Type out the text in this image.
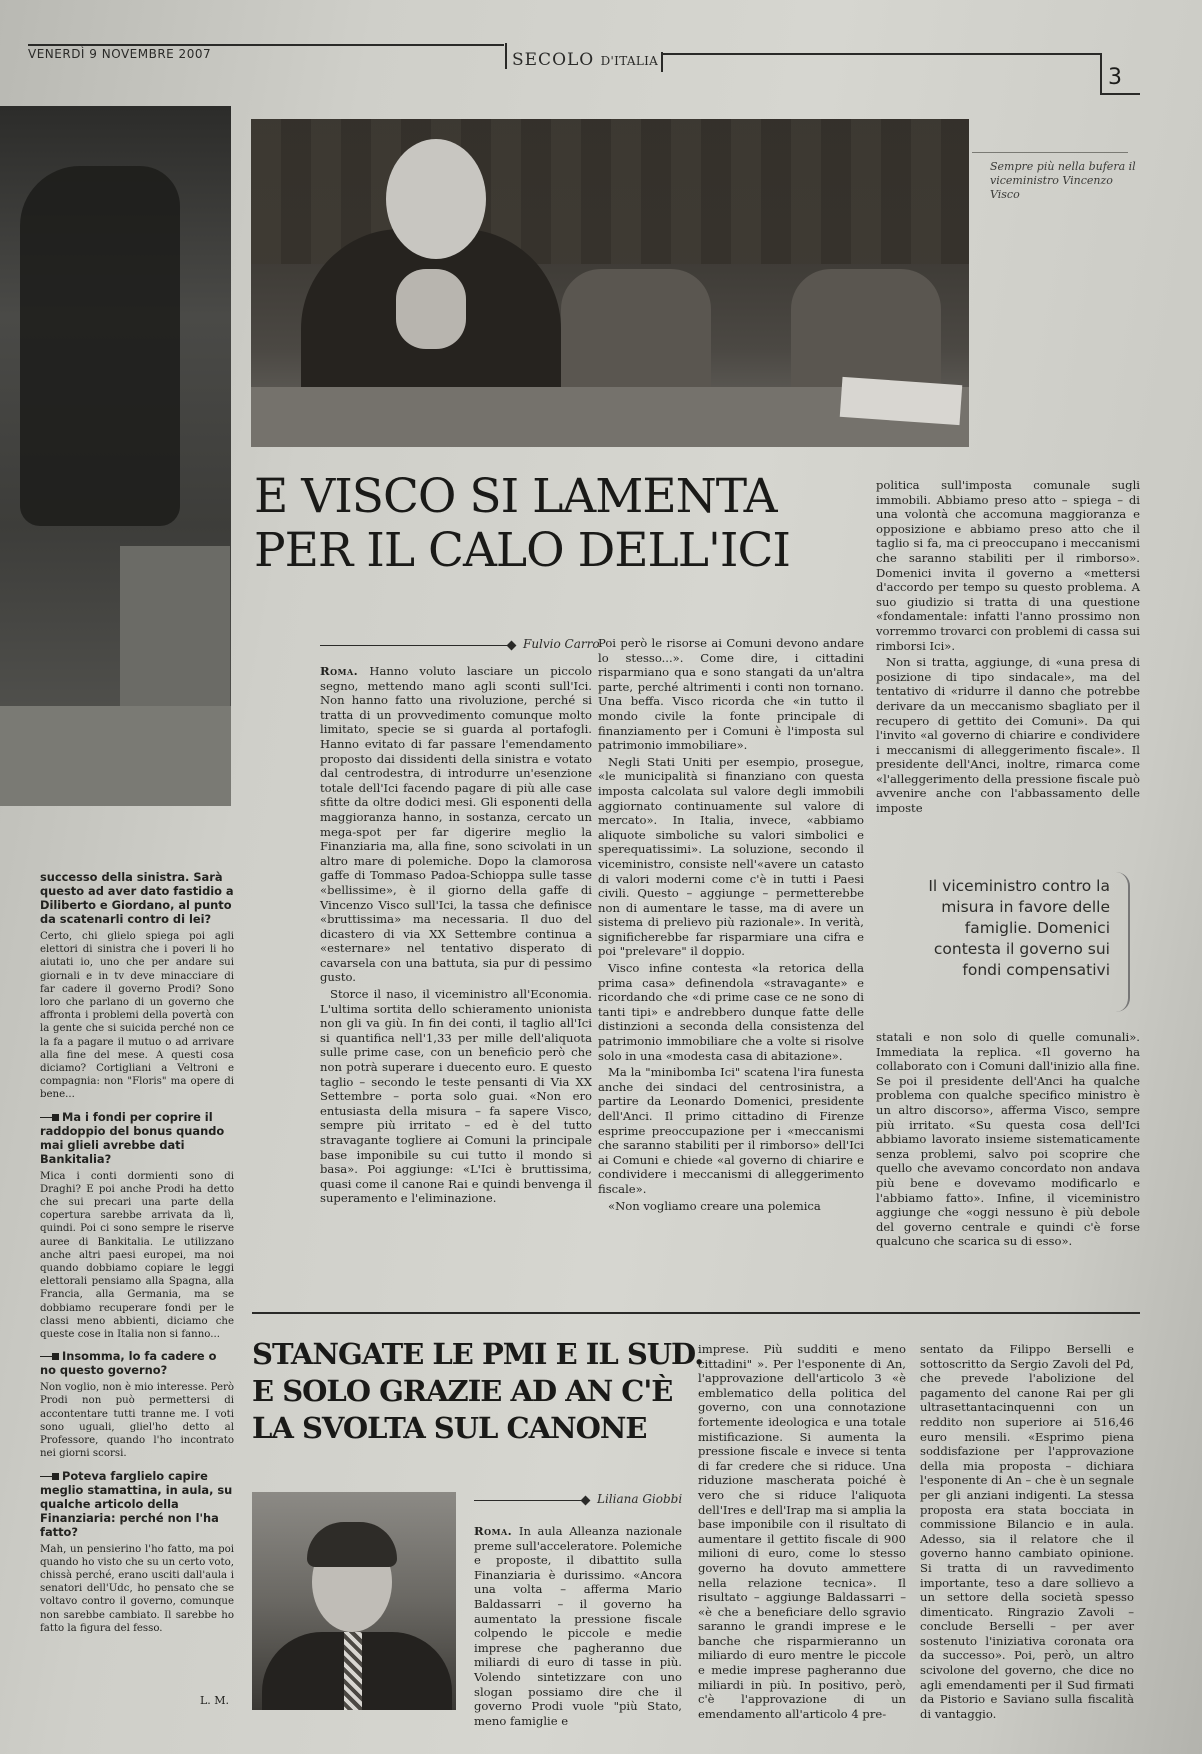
VENERDÌ 9 NOVEMBRE 2007	SECOLO D'ITALIA
3
Sempre più nella bufera il viceministro Vincenzo Visco
E VISCO SI LAMENTA PER IL CALO DELL'ICI
Fulvio Carro

Roma. Hanno voluto lasciare un piccolo segno, mettendo mano agli sconti sull'Ici. Non hanno fatto una rivoluzione, perché si tratta di un provvedimento comunque molto limitato, specie se si guarda al portafogli. Hanno evitato di far passare l'emendamento proposto dai dissidenti della sinistra e votato dal centrodestra, di introdurre un'esenzione totale dell'Ici facendo pagare di più alle case sfitte da oltre dodici mesi. Gli esponenti della maggioranza hanno, in sostanza, cercato un mega-spot per far digerire meglio la Finanziaria ma, alla fine, sono scivolati in un altro mare di polemiche. Dopo la clamorosa gaffe di Tommaso Padoa-Schioppa sulle tasse «bellissime», è il giorno della gaffe di Vincenzo Visco sull'Ici, la tassa che definisce «bruttissima» ma necessaria. Il duo del dicastero di via XX Settembre continua a «esternare» nel tentativo disperato di cavarsela con una battuta, sia pur di pessimo gusto.

Storce il naso, il viceministro all'Economia. L'ultima sortita dello schieramento unionista non gli va giù. In fin dei conti, il taglio all'Ici si quantifica nell'1,33 per mille dell'aliquota sulle prime case, con un beneficio però che non potrà superare i duecento euro. E questo taglio – secondo le teste pensanti di Via XX Settembre – porta solo guai. «Non ero entusiasta della misura – fa sapere Visco, sempre più irritato – ed è del tutto stravagante togliere ai Comuni la principale base imponibile su cui tutto il mondo si basa». Poi aggiunge: «L'Ici è bruttissima, quasi come il canone Rai e quindi benvenga il superamento e l'eliminazione.

Poi però le risorse ai Comuni devono andare lo stesso...». Come dire, i cittadini risparmiano qua e sono stangati da un'altra parte, perché altrimenti i conti non tornano. Una beffa. Visco ricorda che «in tutto il mondo civile la fonte principale di finanziamento per i Comuni è l'imposta sul patrimonio immobiliare».

Negli Stati Uniti per esempio, prosegue, «le municipalità si finanziano con questa imposta calcolata sul valore degli immobili aggiornato continuamente sul valore di mercato». In Italia, invece, «abbiamo aliquote simboliche su valori simbolici e sperequatissimi». La soluzione, secondo il viceministro, consiste nell'«avere un catasto di valori moderni come c'è in tutti i Paesi civili. Questo – aggiunge – permetterebbe non di aumentare le tasse, ma di avere un sistema di prelievo più razionale». In verità, significherebbe far risparmiare una cifra e poi "prelevare" il doppio.

Visco infine contesta «la retorica della prima casa» definendola «stravagante» e ricordando che «di prime case ce ne sono di tanti tipi» e andrebbero dunque fatte delle distinzioni a seconda della consistenza del patrimonio immobiliare che a volte si risolve solo in una «modesta casa di abitazione».

Ma la "minibomba Ici" scatena l'ira funesta anche dei sindaci del centrosinistra, a partire da Leonardo Domenici, presidente dell'Anci. Il primo cittadino di Firenze esprime preoccupazione per i «meccanismi che saranno stabiliti per il rimborso» dell'Ici ai Comuni e chiede «al governo di chiarire e condividere i meccanismi di alleggerimento fiscale».

«Non vogliamo creare una polemica

politica sull'imposta comunale sugli immobili. Abbiamo preso atto – spiega – di una volontà che accomuna maggioranza e opposizione e abbiamo preso atto che il taglio si fa, ma ci preoccupano i meccanismi che saranno stabiliti per il rimborso». Domenici invita il governo a «mettersi d'accordo per tempo su questo problema. A suo giudizio si tratta di una questione «fondamentale: infatti l'anno prossimo non vorremmo trovarci con problemi di cassa sui rimborsi Ici».

Non si tratta, aggiunge, di «una presa di posizione di tipo sindacale», ma del tentativo di «ridurre il danno che potrebbe derivare da un meccanismo sbagliato per il recupero di gettito dei Comuni». Da qui l'invito «al governo di chiarire e condividere i meccanismi di alleggerimento fiscale». Il presidente dell'Anci, inoltre, rimarca come «l'alleggerimento della pressione fiscale può avvenire anche con l'abbassamento delle imposte

Il viceministro contro la misura in favore delle famiglie. Domenici contesta il governo sui fondi compensativi

statali e non solo di quelle comunali». Immediata la replica. «Il governo ha collaborato con i Comuni dall'inizio alla fine. Se poi il presidente dell'Anci ha qualche problema con qualche specifico ministro è un altro discorso», afferma Visco, sempre più irritato. «Su questa cosa dell'Ici abbiamo lavorato insieme sistematicamente senza problemi, salvo poi scoprire che quello che avevamo concordato non andava più bene e dovevamo modificarlo e l'abbiamo fatto». Infine, il viceministro aggiunge che «oggi nessuno è più debole del governo centrale e quindi c'è forse qualcuno che scarica su di esso».

successo della sinistra. Sarà questo ad aver dato fastidio a Diliberto e Giordano, al punto da scatenarli contro di lei?
Certo, chi glielo spiega poi agli elettori di sinistra che i poveri li ho aiutati io, uno che per andare sui giornali e in tv deve minacciare di far cadere il governo Prodi? Sono loro che parlano di un governo che affronta i problemi della povertà con la gente che si suicida perché non ce la fa a pagare il mutuo o ad arrivare alla fine del mese. A questi cosa diciamo? Cortigliani a Veltroni e compagnia: non "Floris" ma opere di bene...
Ma i fondi per coprire il raddoppio del bonus quando mai glieli avrebbe dati Bankitalia?
Mica i conti dormienti sono di Draghi? E poi anche Prodi ha detto che sui precari una parte della copertura sarebbe arrivata da lì, quindi. Poi ci sono sempre le riserve auree di Bankitalia. Le utilizzano anche altri paesi europei, ma noi quando dobbiamo copiare le leggi elettorali pensiamo alla Spagna, alla Francia, alla Germania, ma se dobbiamo recuperare fondi per le classi meno abbienti, diciamo che queste cose in Italia non si fanno...
Insomma, lo fa cadere o no questo governo?
Non voglio, non è mio interesse. Però Prodi non può permettersi di accontentare tutti tranne me. I voti sono uguali, gliel'ho detto al Professore, quando l'ho incontrato nei giorni scorsi.
Poteva farglielo capire meglio stamattina, in aula, su qualche articolo della Finanziaria: perché non l'ha fatto?
Mah, un pensierino l'ho fatto, ma poi quando ho visto che su un certo voto, chissà perché, erano usciti dall'aula i senatori dell'Udc, ho pensato che se voltavo contro il governo, comunque non sarebbe cambiato. Il sarebbe ho fatto la figura del fesso.
L. M.
STANGATE LE PMI E IL SUD. E SOLO GRAZIE AD AN C'È LA SVOLTA SUL CANONE
Liliana Giobbi

Roma. In aula Alleanza nazionale preme sull'acceleratore. Polemiche e proposte, il dibattito sulla Finanziaria è durissimo. «Ancora una volta – afferma Mario Baldassarri – il governo ha aumentato la pressione fiscale colpendo le piccole e medie imprese che pagheranno due miliardi di euro di tasse in più. Volendo sintetizzare con uno slogan possiamo dire che il governo Prodi vuole "più Stato, meno famiglie e

imprese. Più sudditi e meno cittadini" ». Per l'esponente di An, l'approvazione dell'articolo 3 «è emblematico della politica del governo, con una connotazione fortemente ideologica e una totale mistificazione. Si aumenta la pressione fiscale e invece si tenta di far credere che si riduce. Una riduzione mascherata poiché è vero che si riduce l'aliquota dell'Ires e dell'Irap ma si amplia la base imponibile con il risultato di aumentare il gettito fiscale di 900 milioni di euro, come lo stesso governo ha dovuto ammettere nella relazione tecnica». Il risultato – aggiunge Baldassarri – «è che a beneficiare dello sgravio saranno le grandi imprese e le banche che risparmieranno un miliardo di euro mentre le piccole e medie imprese pagheranno due miliardi in più. In positivo, però, c'è l'approvazione di un emendamento all'articolo 4 pre-

sentato da Filippo Berselli e sottoscritto da Sergio Zavoli del Pd, che prevede l'abolizione del pagamento del canone Rai per gli ultrasettantacinquenni con un reddito non superiore ai 516,46 euro mensili. «Esprimo piena soddisfazione per l'approvazione della mia proposta – dichiara l'esponente di An – che è un segnale per gli anziani indigenti. La stessa proposta era stata bocciata in commissione Bilancio e in aula. Adesso, sia il relatore che il governo hanno cambiato opinione. Si tratta di un ravvedimento importante, teso a dare sollievo a un settore della società spesso dimenticato. Ringrazio Zavoli – conclude Berselli – per aver sostenuto l'iniziativa coronata ora da successo». Poi, però, un altro scivolone del governo, che dice no agli emendamenti per il Sud firmati da Pistorio e Saviano sulla fiscalità di vantaggio.
